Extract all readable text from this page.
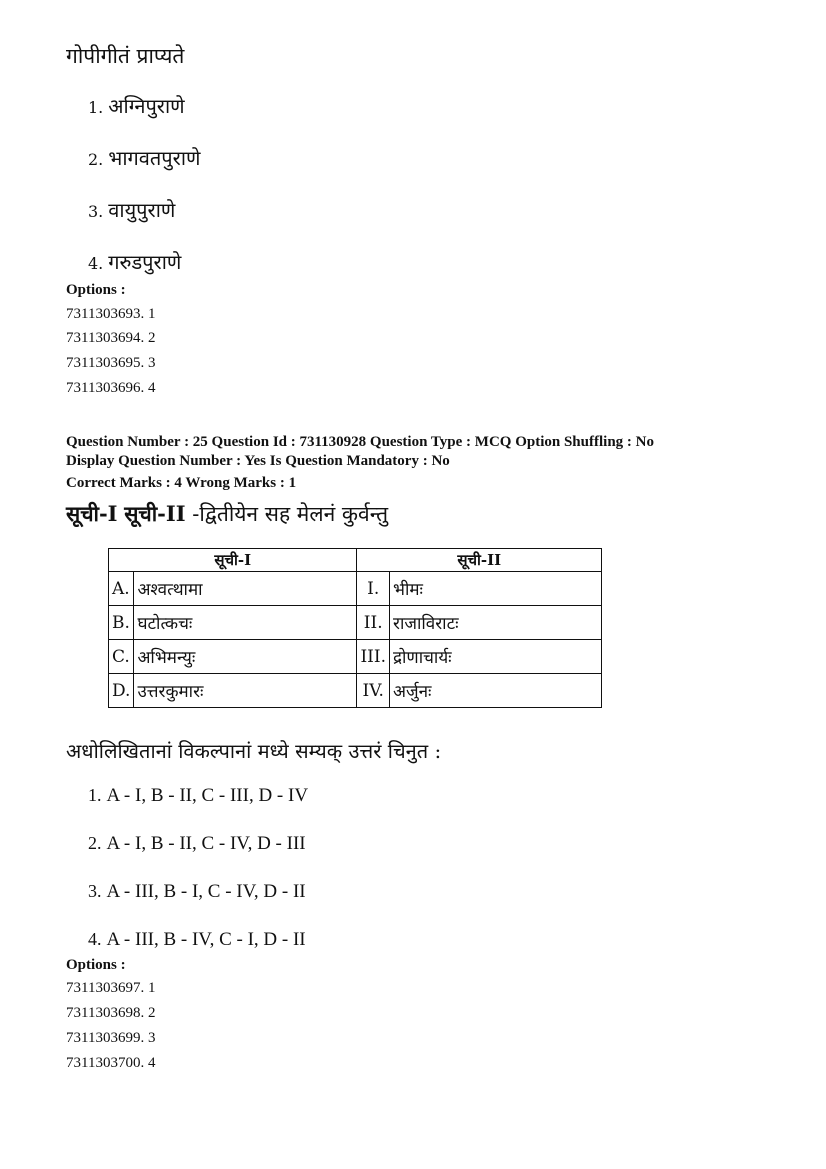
गोपीगीतं प्राप्यते
1. अग्निपुराणे
2. भागवतपुराणे
3. वायुपुराणे
4. गरुडपुराणे
Options :
7311303693. 1
7311303694. 2
7311303695. 3
7311303696. 4
Question Number : 25 Question Id : 731130928 Question Type : MCQ Option Shuffling : No
Display Question Number : Yes Is Question Mandatory : No
Correct Marks : 4 Wrong Marks : 1
सूची-I सूची-II -द्वितीयेन सह मेलनं कुर्वन्तु
सूची-I		सूची-II	
A.	अश्वत्थामा	I.	भीमः
B.	घटोत्कचः	II.	राजाविराटः
C.	अभिमन्युः	III.	द्रोणाचार्यः
D.	उत्तरकुमारः	IV.	अर्जुनः
अधोलिखितानां विकल्पानां मध्ये सम्यक् उत्तरं चिनुत :
1. A - I, B - II, C - III, D - IV
2. A - I, B - II, C - IV, D - III
3. A - III, B - I, C - IV, D - II
4. A - III, B - IV, C - I, D - II
Options :
7311303697. 1
7311303698. 2
7311303699. 3
7311303700. 4
